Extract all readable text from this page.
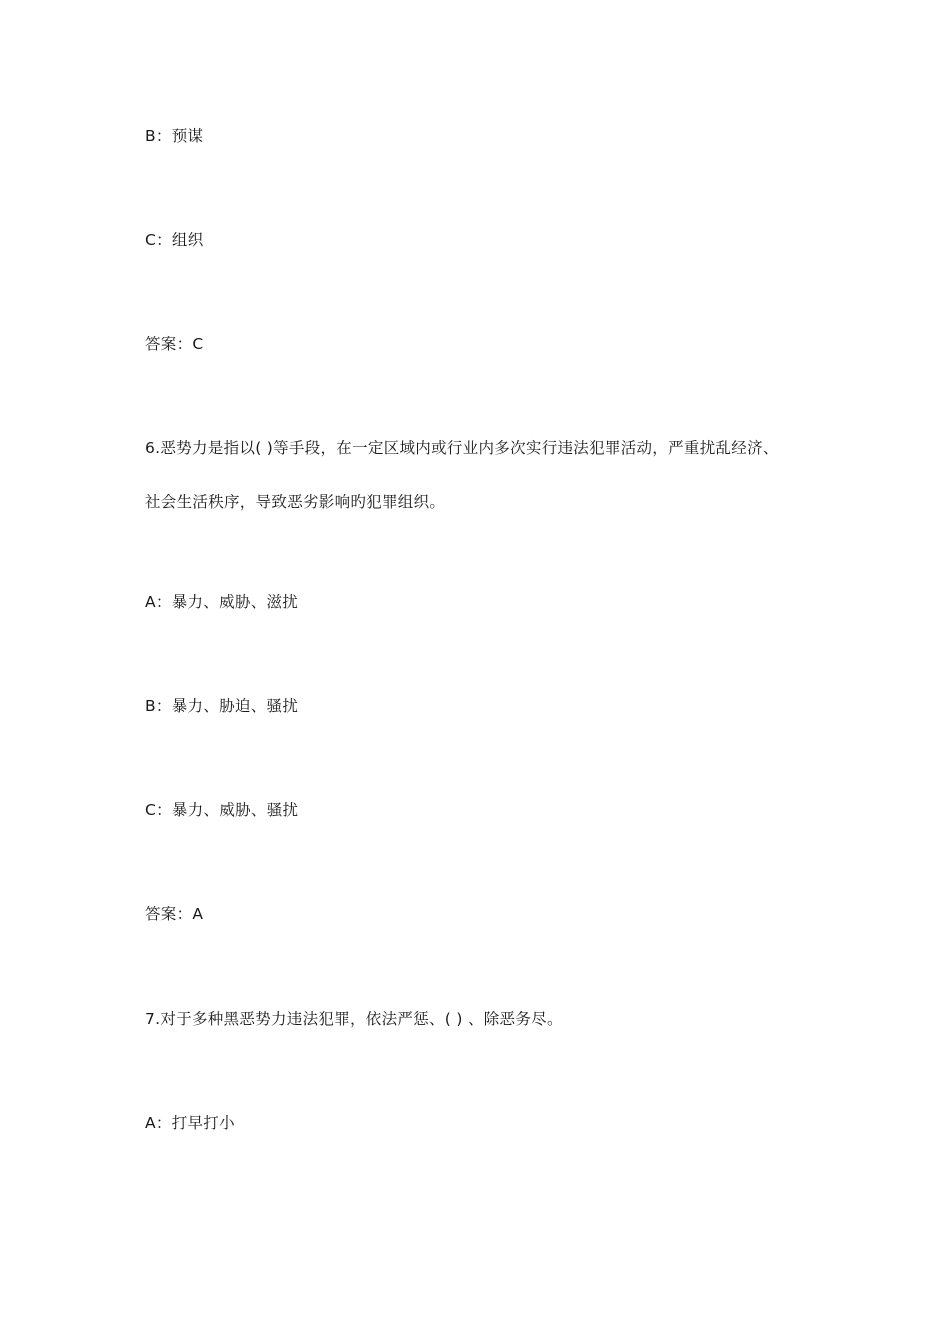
B：预谋
C：组织
答案：C
6.恶势力是指以( )等手段，在一定区域内或行业内多次实行违法犯罪活动，严重扰乱经济、
社会生活秩序，导致恶劣影响旳犯罪组织。
A：暴力、威胁、滋扰
B：暴力、胁迫、骚扰
C：暴力、威胁、骚扰
答案：A
7.对于多种黑恶势力违法犯罪，依法严惩、( ) 、除恶务尽。
A：打早打小
